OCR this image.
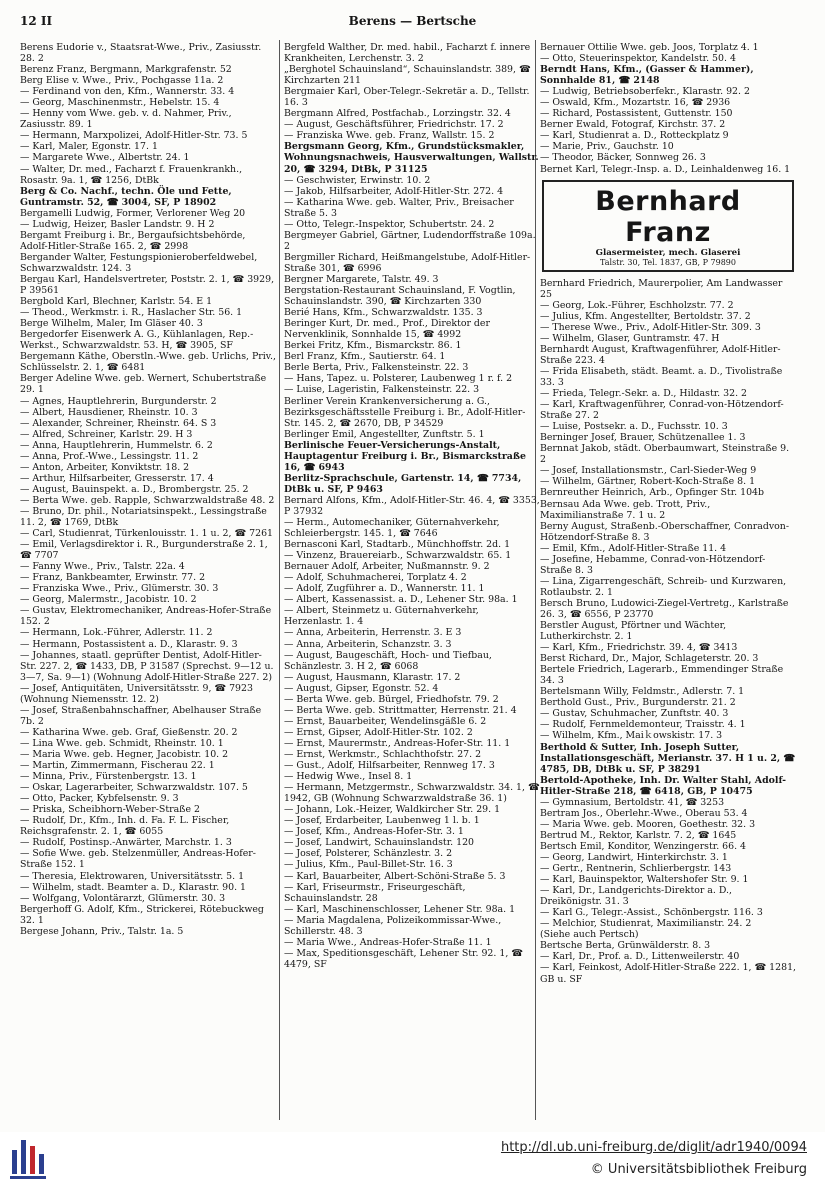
12 II	Berens — Bertsche
Berens Eudorie v., Staatsrat-Wwe., Priv., Zasiusstr. 28. 2
Berenz Franz, Bergmann, Markgrafenstr. 52
Berg Elise v. Wwe., Priv., Pochgasse 11a. 2
— Ferdinand von den, Kfm., Wannerstr. 33. 4
— Georg, Maschinenmstr., Hebelstr. 15. 4
— Henny vom Wwe. geb. v. d. Nahmer, Priv., Zasiusstr. 89. 1
— Hermann, Marxpolizei, Adolf-Hitler-Str. 73. 5
— Karl, Maler, Egonstr. 17. 1
— Margarete Wwe., Albertstr. 24. 1
— Walter, Dr. med., Facharzt f. Frauenkrankh., Rosastr. 9a. 1, ☎ 1256, DtBk
Berg & Co. Nachf., techn. Öle und Fette, Guntramstr. 52, ☎ 3004, SF, P 18902
Bergamelli Ludwig, Former, Verlorener Weg 20
— Ludwig, Heizer, Basler Landstr. 9. H 2
Bergamt Freiburg i. Br., Bergaufsichtsbehörde, Adolf-Hitler-Straße 165. 2, ☎ 2998
Bergander Walter, Festungspionieroberfeldwebel, Schwarzwaldstr. 124. 3
Bergau Karl, Handelsvertreter, Poststr. 2. 1, ☎ 3929, P 39561
Bergbold Karl, Blechner, Karlstr. 54. E 1
— Theod., Werkmstr. i. R., Haslacher Str. 56. 1
Berge Wilhelm, Maler, Im Gläser 40. 3
Bergedorfer Eisenwerk A. G., Kühlanlagen, Rep.-Werkst., Schwarzwaldstr. 53. H, ☎ 3905, SF
Bergemann Käthe, Oberstln.-Wwe. geb. Urlichs, Priv., Schlüsselstr. 2. 1, ☎ 6481
Berger Adeline Wwe. geb. Wernert, Schubertstraße 29. 1
— Agnes, Hauptlehrerin, Burgunderstr. 2
— Albert, Hausdiener, Rheinstr. 10. 3
— Alexander, Schreiner, Rheinstr. 64. S 3
— Alfred, Schreiner, Karlstr. 29. H 3
— Anna, Hauptlehrerin, Hummelstr. 6. 2
— Anna, Prof.-Wwe., Lessingstr. 11. 2
— Anton, Arbeiter, Konviktstr. 18. 2
— Arthur, Hilfsarbeiter, Gresserstr. 17. 4
— August, Bauinspekt. a. D., Brombergstr. 25. 2
— Berta Wwe. geb. Rapple, Schwarzwaldstraße 48. 2
— Bruno, Dr. phil., Notariatsinspekt., Lessingstraße 11. 2, ☎ 1769, DtBk
— Carl, Studienrat, Türkenlouisstr. 1. 1 u. 2, ☎ 7261
— Emil, Verlagsdirektor i. R., Burgunderstraße 2. 1, ☎ 7707
— Fanny Wwe., Priv., Talstr. 22a. 4
— Franz, Bankbeamter, Erwinstr. 77. 2
— Franziska Wwe., Priv., Glümerstr. 30. 3
— Georg, Malermstr., Jacobistr. 10. 2
— Gustav, Elektromechaniker, Andreas-Hofer-Straße 152. 2
— Hermann, Lok.-Führer, Adlerstr. 11. 2
— Hermann, Postassistent a. D., Klarastr. 9. 3
— Johannes, staatl. geprüfter Dentist, Adolf-Hitler-Str. 227. 2, ☎ 1433, DB, P 31587 (Sprechst. 9—12 u. 3—7, Sa. 9—1) (Wohnung Adolf-Hitler-Straße 227. 2)
— Josef, Antiquitäten, Universitätsstr. 9, ☎ 7923 (Wohnung Niemensstr. 12. 2)
— Josef, Straßenbahnschaffner, Abelhauser Straße 7b. 2
— Katharina Wwe. geb. Graf, Gießenstr. 20. 2
— Lina Wwe. geb. Schmidt, Rheinstr. 10. 1
— Maria Wwe. geb. Hegner, Jacobistr. 10. 2
— Martin, Zimmermann, Fischerau 22. 1
— Minna, Priv., Fürstenbergstr. 13. 1
— Oskar, Lagerarbeiter, Schwarzwaldstr. 107. 5
— Otto, Packer, Kybfelsenstr. 9. 3
— Priska, Scheibhorn-Weber-Straße 2
— Rudolf, Dr., Kfm., Inh. d. Fa. F. L. Fischer, Reichsgrafenstr. 2. 1, ☎ 6055
— Rudolf, Postinsp.-Anwärter, Marchstr. 1. 3
— Sofie Wwe. geb. Stelzenmüller, Andreas-Hofer-Straße 152. 1
— Theresia, Elektrowaren, Universitätsstr. 5. 1
— Wilhelm, stadt. Beamter a. D., Klarastr. 90. 1
— Wolfgang, Volontärarzt, Glümerstr. 30. 3
Bergerhoff G. Adolf, Kfm., Strickerei, Rötebuckweg 32. 1
Bergese Johann, Priv., Talstr. 1a. 5
Bergfeld Walther, Dr. med. habil., Facharzt f. innere Krankheiten, Lerchenstr. 3. 2
„Berghotel Schauinsland“, Schauinslandstr. 389, ☎ Kirchzarten 211
Bergmaier Karl, Ober-Telegr.-Sekretär a. D., Tellstr. 16. 3
Bergmann Alfred, Postfachab., Lorzingstr. 32. 4
— August, Geschäftsführer, Friedrichstr. 17. 2
— Franziska Wwe. geb. Franz, Wallstr. 15. 2
Bergsmann Georg, Kfm., Grundstücksmakler, Wohnungsnachweis, Hausverwaltungen, Wallstr. 20, ☎ 3294, DtBk, P 31125
— Geschwister, Erwinstr. 10. 2
— Jakob, Hilfsarbeiter, Adolf-Hitler-Str. 272. 4
— Katharina Wwe. geb. Walter, Priv., Breisacher Straße 5. 3
— Otto, Telegr.-Inspektor, Schubertstr. 24. 2
Bergmeyer Gabriel, Gärtner, Ludendorffstraße 109a. 2
Bergmiller Richard, Heißmangelstube, Adolf-Hitler-Straße 301, ☎ 6996
Bergner Margarete, Talstr. 49. 3
Bergstation-Restaurant Schauinsland, F. Vogtlin, Schauinslandstr. 390, ☎ Kirchzarten 330
Berié Hans, Kfm., Schwarzwaldstr. 135. 3
Beringer Kurt, Dr. med., Prof., Direktor der Nervenklinik, Sonnhalde 15, ☎ 4992
Berkei Fritz, Kfm., Bismarckstr. 86. 1
Berl Franz, Kfm., Sautierstr. 64. 1
Berle Berta, Priv., Falkensteinstr. 22. 3
— Hans, Tapez. u. Polsterer, Laubenweg 1 r. f. 2
— Luise, Lageristin, Falkensteinstr. 22. 3
Berliner Verein Krankenversicherung a. G., Bezirksgeschäftsstelle Freiburg i. Br., Adolf-Hitler-Str. 145. 2, ☎ 2670, DB, P 34529
Berlinger Emil, Angestellter, Zunftstr. 5. 1
Berlinische Feuer-Versicherungs-Anstalt, Hauptagentur Freiburg i. Br., Bismarckstraße 16, ☎ 6943
Berlitz-Sprachschule, Gartenstr. 14, ☎ 7734, DtBk u. SF, P 9463
Bernard Alfons, Kfm., Adolf-Hitler-Str. 46. 4, ☎ 3353, P 37932
— Herm., Automechaniker, Güternahverkehr, Schleierbergstr. 145. 1, ☎ 7646
Bernasconi Karl, Stadtarb., Münchhoffstr. 2d. 1
— Vinzenz, Brauereiarb., Schwarzwaldstr. 65. 1
Bernauer Adolf, Arbeiter, Nußmannstr. 9. 2
— Adolf, Schuhmacherei, Torplatz 4. 2
— Adolf, Zugführer a. D., Wannerstr. 11. 1
— Albert, Kassenassist. a. D., Lehener Str. 98a. 1
— Albert, Steinmetz u. Güternahverkehr, Herzenlastr. 1. 4
— Anna, Arbeiterin, Herrenstr. 3. E 3
— Anna, Arbeiterin, Schanzstr. 3. 3
— August, Baugeschäft, Hoch- und Tiefbau, Schänzlestr. 3. H 2, ☎ 6068
— August, Hausmann, Klarastr. 17. 2
— August, Gipser, Egonstr. 52. 4
— Berta Wwe. geb. Bürgel, Friedhofstr. 79. 2
— Berta Wwe. geb. Strittmatter, Herrenstr. 21. 4
— Ernst, Bauarbeiter, Wendelinsgäßle 6. 2
— Ernst, Gipser, Adolf-Hitler-Str. 102. 2
— Ernst, Maurermstr., Andreas-Hofer-Str. 11. 1
— Ernst, Werkmstr., Schlachthofstr. 27. 2
— Gust., Adolf, Hilfsarbeiter, Rennweg 17. 3
— Hedwig Wwe., Insel 8. 1
— Hermann, Metzgermstr., Schwarzwaldstr. 34. 1, ☎ 1942, GB (Wohnung Schwarzwaldstraße 36. 1)
— Johann, Lok.-Heizer, Waldkircher Str. 29. 1
— Josef, Erdarbeiter, Laubenweg 1 l. b. 1
— Josef, Kfm., Andreas-Hofer-Str. 3. 1
— Josef, Landwirt, Schauinslandstr. 120
— Josef, Polsterer, Schänzlestr. 3. 2
— Julius, Kfm., Paul-Billet-Str. 16. 3
— Karl, Bauarbeiter, Albert-Schöni-Straße 5. 3
— Karl, Friseurmstr., Friseurgeschäft, Schauinslandstr. 28
— Karl, Maschinenschlosser, Lehener Str. 98a. 1
— Maria Magdalena, Polizeikommissar-Wwe., Schillerstr. 48. 3
— Maria Wwe., Andreas-Hofer-Straße 11. 1
— Max, Speditionsgeschäft, Lehener Str. 92. 1, ☎ 4479, SF
Bernauer Ottilie Wwe. geb. Joos, Torplatz 4. 1
— Otto, Steuerinspektor, Kandelstr. 50. 4
Berndt Hans, Kfm., (Gasser & Hammer), Sonnhalde 81, ☎ 2148
— Ludwig, Betriebsoberfekr., Klarastr. 92. 2
— Oswald, Kfm., Mozartstr. 16, ☎ 2936
— Richard, Postassistent, Guttenstr. 150
Berner Ewald, Fotograf, Kirchstr. 37. 2
— Karl, Studienrat a. D., Rotteckplatz 9
— Marie, Priv., Gauchstr. 10
— Theodor, Bäcker, Sonnweg 26. 3
Bernet Karl, Telegr.-Insp. a. D., Leinhaldenweg 16. 1
Bernhard Franz
Glasermeister, mech. Glaserei
Talstr. 30, Tel. 1837, GB, P 79890
Bernhard Friedrich, Maurerpolier, Am Landwasser 25
— Georg, Lok.-Führer, Eschholzstr. 77. 2
— Julius, Kfm. Angestellter, Bertoldstr. 37. 2
— Therese Wwe., Priv., Adolf-Hitler-Str. 309. 3
— Wilhelm, Glaser, Guntramstr. 47. H
Bernhardt August, Kraftwagenführer, Adolf-Hitler-Straße 223. 4
— Frida Elisabeth, städt. Beamt. a. D., Tivolistraße 33. 3
— Frieda, Telegr.-Sekr. a. D., Hildastr. 32. 2
— Karl, Kraftwagenführer, Conrad-von-Hötzendorf-Straße 27. 2
— Luise, Postsekr. a. D., Fuchsstr. 10. 3
Berninger Josef, Brauer, Schützenallee 1. 3
Bernnat Jakob, städt. Oberbaumwart, Steinstraße 9. 2
— Josef, Installationsmstr., Carl-Sieder-Weg 9
— Wilhelm, Gärtner, Robert-Koch-Straße 8. 1
Bernreuther Heinrich, Arb., Opfinger Str. 104b
Bernsau Ada Wwe. geb. Trott, Priv., Maximilianstraße 7. 1 u. 2
Berny August, Straßenb.-Oberschaffner, Conradvon-Hötzendorf-Straße 8. 3
— Emil, Kfm., Adolf-Hitler-Straße 11. 4
— Josefine, Hebamme, Conrad-von-Hötzendorf-Straße 8. 3
— Lina, Zigarrengeschäft, Schreib- und Kurzwaren, Rotlaubstr. 2. 1
Bersch Bruno, Ludowici-Ziegel-Vertretg., Karlstraße 26. 3, ☎ 6556, P 23770
Berstler August, Pförtner und Wächter, Lutherkirchstr. 2. 1
— Karl, Kfm., Friedrichstr. 39. 4, ☎ 3413
Berst Richard, Dr., Major, Schlageterstr. 20. 3
Bertele Friedrich, Lagerarb., Emmendinger Straße 34. 3
Bertelsmann Willy, Feldmstr., Adlerstr. 7. 1
Berthold Gust., Priv., Burgunderstr. 21. 2
— Gustav, Schuhmacher, Zunftstr. 40. 3
— Rudolf, Fernmeldemonteur, Traisstr. 4. 1
— Wilhelm, Kfm., Maiｋowskistr. 17. 3
Berthold & Sutter, Inh. Joseph Sutter, Installationsgeschäft, Merianstr. 37. H 1 u. 2, ☎ 4785, DB, DtBk u. SF, P 38291
Bertold-Apotheke, Inh. Dr. Walter Stahl, Adolf-Hitler-Straße 218, ☎ 6418, GB, P 10475
— Gymnasium, Bertoldstr. 41, ☎ 3253
Bertram Jos., Oberlehr.-Wwe., Oberau 53. 4
— Maria Wwe. geb. Mooren, Goethestr. 32. 3
Bertrud M., Rektor, Karlstr. 7. 2, ☎ 1645
Bertsch Emil, Konditor, Wenzingerstr. 66. 4
— Georg, Landwirt, Hinterkirchstr. 3. 1
— Gertr., Rentnerin, Schlierbergstr. 143
— Karl, Bauinspektor, Waltershofer Str. 9. 1
— Karl, Dr., Landgerichts-Direktor a. D., Dreikönigstr. 31. 3
— Karl G., Telegr.-Assist., Schönbergstr. 116. 3
— Melchior, Studienrat, Maximilianstr. 24. 2
(Siehe auch Pertsch)
Bertsche Berta, Grünwälderstr. 8. 3
— Karl, Dr., Prof. a. D., Littenweilerstr. 40
— Karl, Feinkost, Adolf-Hitler-Straße 222. 1, ☎ 1281, GB u. SF
http://dl.ub.uni-freiburg.de/diglit/adr1940/0094
© Universitätsbibliothek Freiburg
